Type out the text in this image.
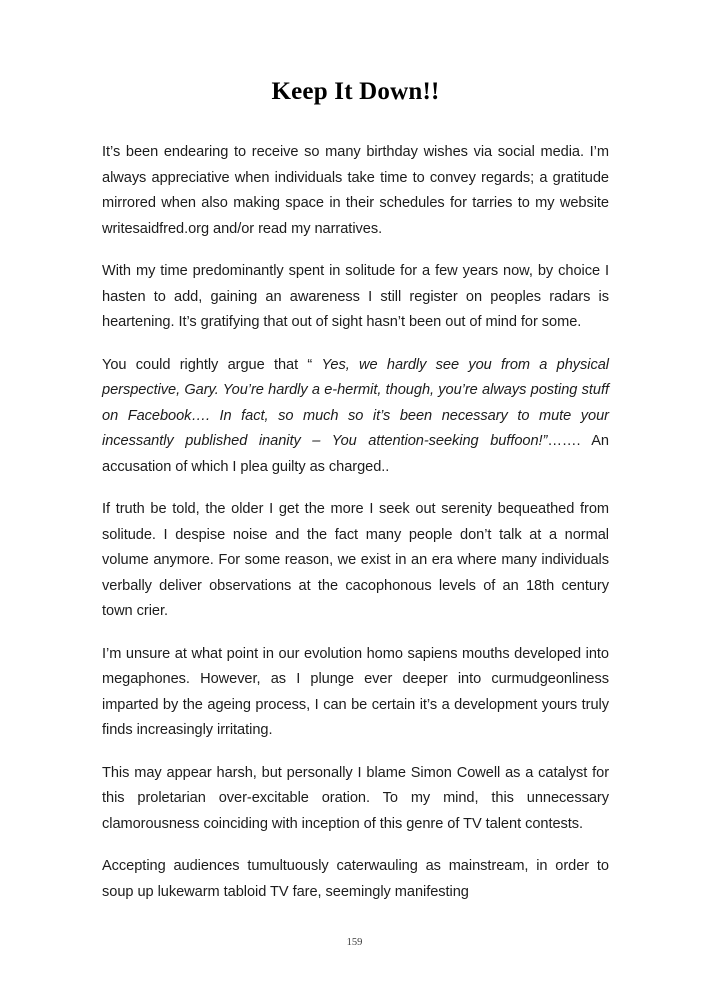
Keep It Down!!

It’s been endearing to receive so many birthday wishes via social media. I’m always appreciative when individuals take time to convey regards; a gratitude mirrored when also making space in their schedules for tarries to my website writesaidfred.org and/or read my narratives.

With my time predominantly spent in solitude for a few years now, by choice I hasten to add, gaining an awareness I still register on peoples radars is heartening. It’s gratifying that out of sight hasn’t been out of mind for some.

You could rightly argue that “ Yes, we hardly see you from a physical perspective, Gary. You’re hardly a e-hermit, though, you’re always posting stuff on Facebook…. In fact, so much so it’s been necessary to mute your incessantly published inanity – You attention-seeking buffoon!”……. An accusation of which I plea guilty as charged..

If truth be told, the older I get the more I seek out serenity bequeathed from solitude. I despise noise and the fact many people don’t talk at a normal volume anymore. For some reason, we exist in an era where many individuals verbally deliver observations at the cacophonous levels of an 18th century town crier.

I’m unsure at what point in our evolution homo sapiens mouths developed into megaphones. However, as I plunge ever deeper into curmudgeonliness imparted by the ageing process, I can be certain it’s a development yours truly finds increasingly irritating.

This may appear harsh, but personally I blame Simon Cowell as a catalyst for this proletarian over-excitable oration. To my mind, this unnecessary clamorousness coinciding with inception of this genre of TV talent contests.

Accepting audiences tumultuously caterwauling as mainstream, in order to soup up lukewarm tabloid TV fare, seemingly manifesting

159
